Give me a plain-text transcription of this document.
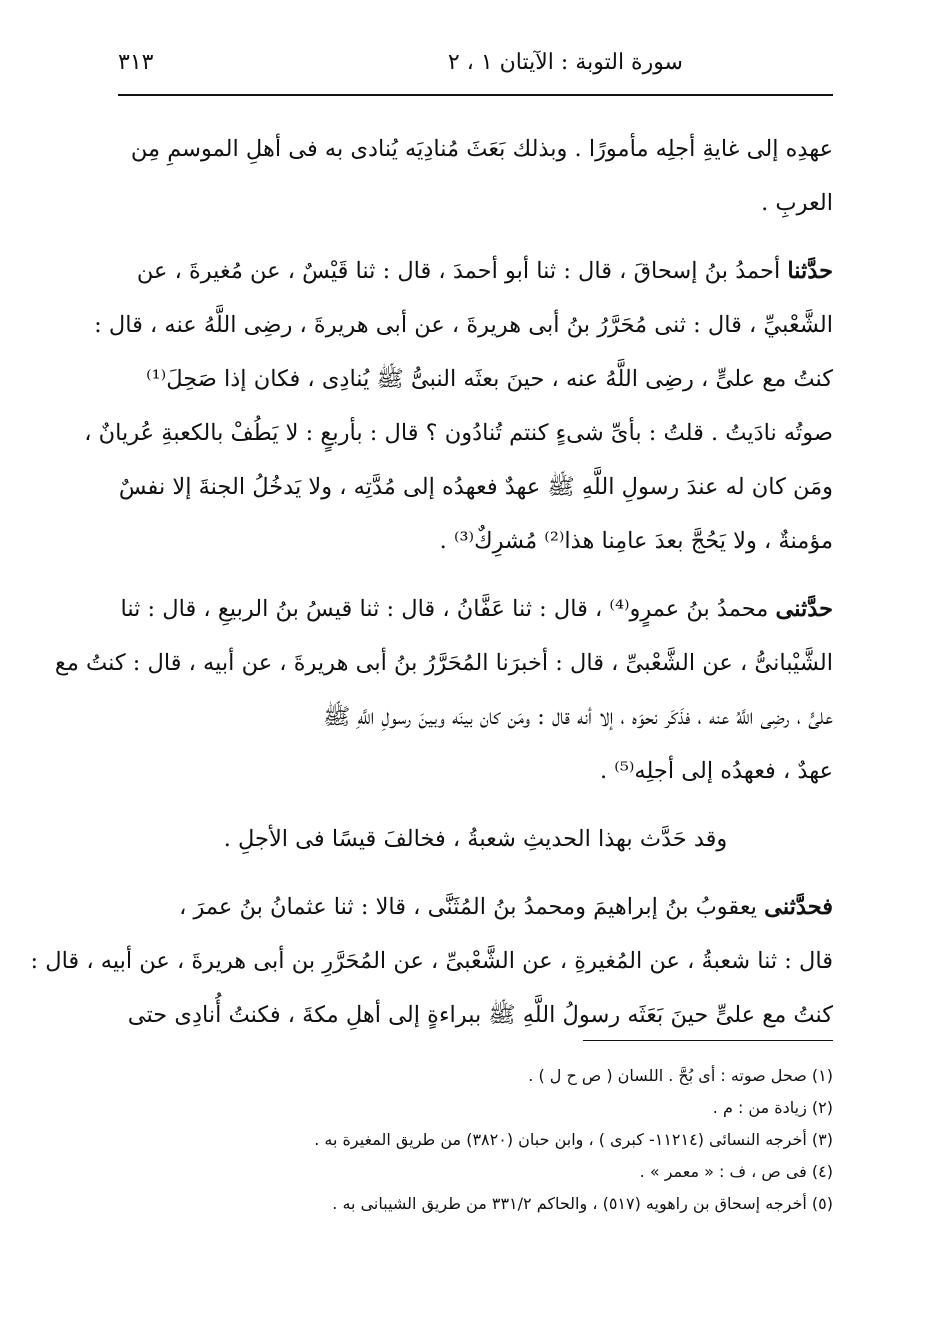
٣١٣	سورة التوبة : الآيتان ١ ، ٢
عهدِه إلى غايةِ أجلِه مأمورًا . وبذلك بَعَثَ مُنادِيَه يُنادى به فى أهلِ الموسمِ مِن
العربِ .
حدَّثنا أحمدُ بنُ إسحاقَ ، قال : ثنا أبو أحمدَ ، قال : ثنا قَيْسٌ ، عن مُغيرةَ ، عن
الشَّعْبيِّ ، قال : ثنى مُحَرَّرُ بنُ أبى هريرةَ ، عن أبى هريرةَ ، رضِى اللَّهُ عنه ، قال :
كنتُ مع علىٍّ ، رضِى اللَّهُ عنه ، حينَ بعثَه النبىُّ ﷺ يُنادِى ، فكان إذا صَحِلَ⁽¹⁾
صوتُه نادَيتُ . قلتُ : بأىِّ شىءٍ كنتم تُنادُون ؟ قال : بأربعٍ : لا يَطُفْ بالكعبةِ عُريانٌ ،
ومَن كان له عندَ رسولِ اللَّهِ ﷺ عهدٌ فعهدُه إلى مُدَّتِه ، ولا يَدخُلُ الجنةَ إلا نفسٌ
مؤمنةٌ ، ولا يَحُجَّ بعدَ عامِنا هذا⁽²⁾ مُشرِكٌ⁽³⁾ .
حدَّثنى محمدُ بنُ عمرٍو⁽⁴⁾ ، قال : ثنا عَفَّانُ ، قال : ثنا قيسُ بنُ الربيعِ ، قال : ثنا
الشَّيْبانىُّ ، عن الشَّعْبىِّ ، قال : أخبرَنا المُحَرَّرُ بنُ أبى هريرةَ ، عن أبيه ، قال : كنتُ مع
علىٍّ ، رضِى اللَّهُ عنه ، فذَكَر نحوَه ، إلا أنه قال : ومَن كان بينَه وبينَ رسولِ اللَّهِ ﷺ
عهدٌ ، فعهدُه إلى أجلِه⁽⁵⁾ .
وقد حَدَّث بهذا الحديثِ شعبةُ ، فخالفَ قيسًا فى الأجلِ .
فحدَّثنى يعقوبُ بنُ إبراهيمَ ومحمدُ بنُ المُثَنَّى ، قالا : ثنا عثمانُ بنُ عمرَ ،
قال : ثنا شعبةُ ، عن المُغيرةِ ، عن الشَّعْبىِّ ، عن المُحَرَّرِ بن أبى هريرةَ ، عن أبيه ، قال :
كنتُ مع علىٍّ حينَ بَعَثَه رسولُ اللَّهِ ﷺ ببراءةٍ إلى أهلِ مكةَ ، فكنتُ أُنادِى حتى
(١) صحل صوته : أى بُحَّ . اللسان ( ص ح ل ) .
(٢) زيادة من : م .
(٣) أخرجه النسائى (١١٢١٤- كبرى ) ، وابن حبان (٣٨٢٠) من طريق المغيرة به .
(٤) فى ص ، ف : « معمر » .
(٥) أخرجه إسحاق بن راهويه (٥١٧) ، والحاكم ٣٣١/٢ من طريق الشيبانى به .
